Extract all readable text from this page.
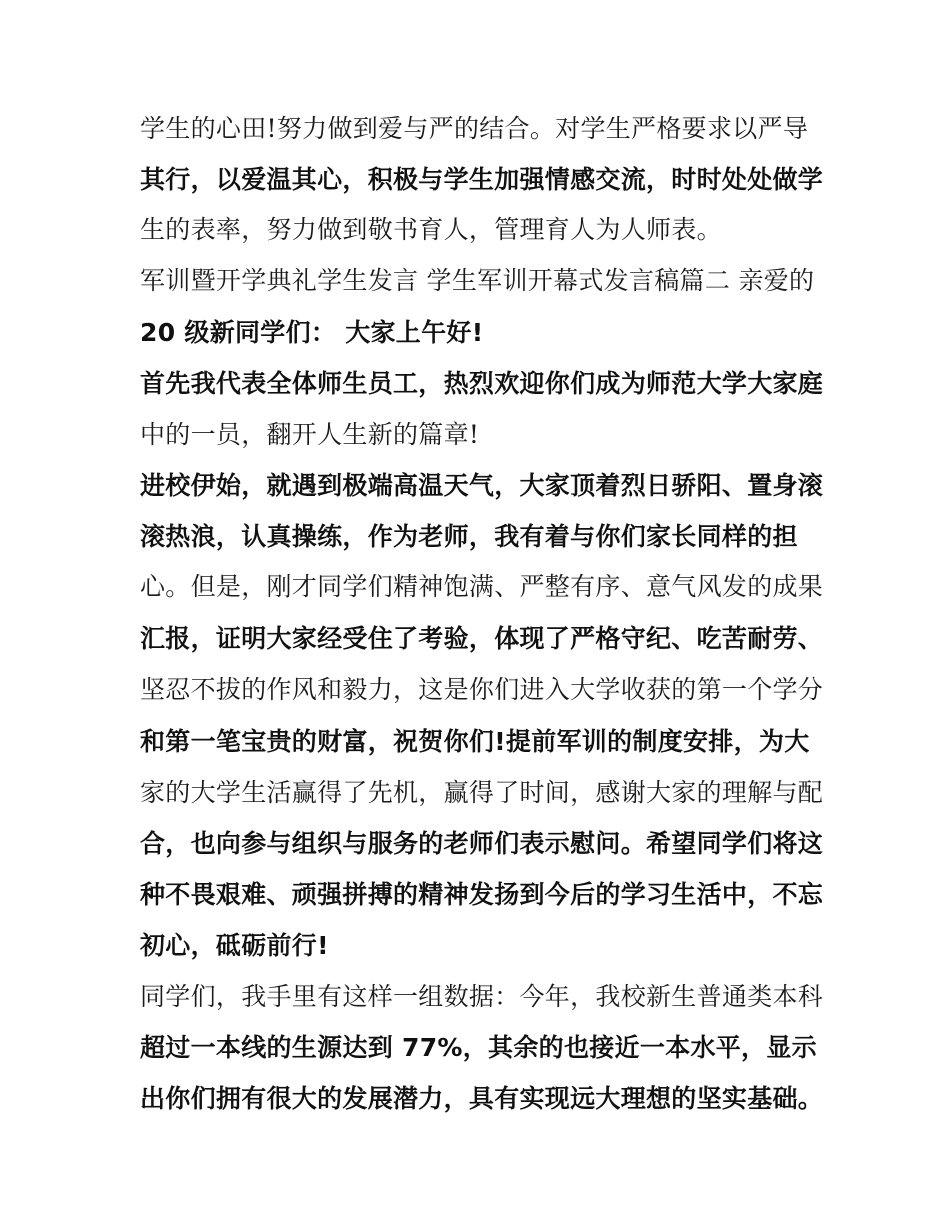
学生的心田!努力做到爱与严的结合。对学生严格要求以严导
其行，以爱温其心，积极与学生加强情感交流，时时处处做学
生的表率，努力做到敬书育人，管理育人为人师表。
军训暨开学典礼学生发言 学生军训开幕式发言稿篇二 亲爱的
20 级新同学们： 大家上午好!
首先我代表全体师生员工，热烈欢迎你们成为师范大学大家庭
中的一员，翻开人生新的篇章!
进校伊始，就遇到极端高温天气，大家顶着烈日骄阳、置身滚
滚热浪，认真操练，作为老师，我有着与你们家长同样的担
心。但是，刚才同学们精神饱满、严整有序、意气风发的成果
汇报，证明大家经受住了考验，体现了严格守纪、吃苦耐劳、
坚忍不拔的作风和毅力，这是你们进入大学收获的第一个学分
和第一笔宝贵的财富，祝贺你们!提前军训的制度安排，为大
家的大学生活赢得了先机，赢得了时间，感谢大家的理解与配
合，也向参与组织与服务的老师们表示慰问。希望同学们将这
种不畏艰难、顽强拼搏的精神发扬到今后的学习生活中，不忘
初心，砥砺前行!
同学们，我手里有这样一组数据：今年，我校新生普通类本科
超过一本线的生源达到 77%，其余的也接近一本水平，显示
出你们拥有很大的发展潜力，具有实现远大理想的坚实基础。
